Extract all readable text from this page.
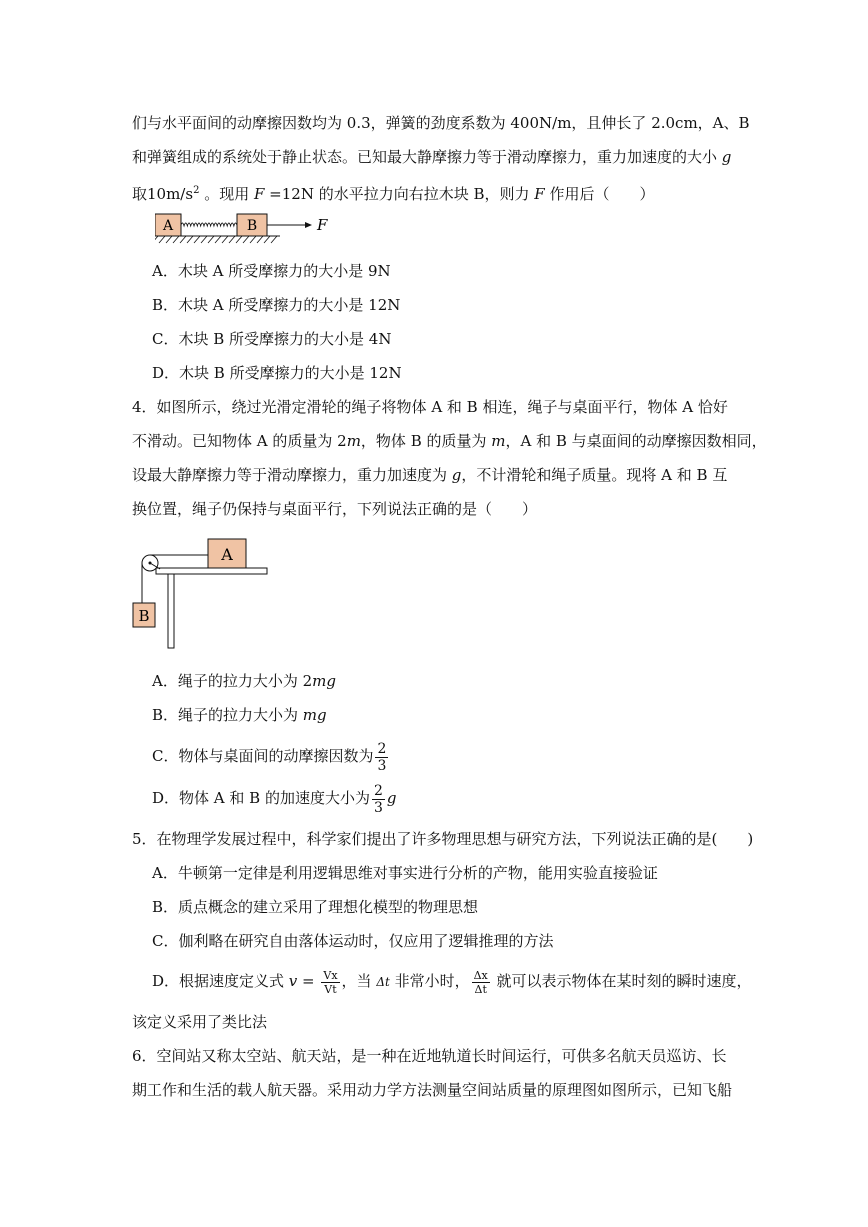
们与水平面间的动摩擦因数均为 0.3，弹簧的劲度系数为 400N/m，且伸长了 2.0cm，A、B
和弹簧组成的系统处于静止状态。已知最大静摩擦力等于滑动摩擦力，重力加速度的大小 g
取$10m/s^2$ 。现用 F =12N 的水平拉力向右拉木块 B，则力 F 作用后（　　）
A	B	F
A．木块 A 所受摩擦力的大小是 9N
B．木块 A 所受摩擦力的大小是 12N
C．木块 B 所受摩擦力的大小是 4N
D．木块 B 所受摩擦力的大小是 12N
4．如图所示，绕过光滑定滑轮的绳子将物体 A 和 B 相连，绳子与桌面平行，物体 A 恰好
不滑动。已知物体 A 的质量为 2m，物体 B 的质量为 m，A 和 B 与桌面间的动摩擦因数相同，
设最大静摩擦力等于滑动摩擦力，重力加速度为 g，不计滑轮和绳子质量。现将 A 和 B 互
换位置，绳子仍保持与桌面平行，下列说法正确的是（　　）
A
B
A．绳子的拉力大小为 2mg
B．绳子的拉力大小为 mg
C．物体与桌面间的动摩擦因数为 $\frac{2}{3}$
D．物体 A 和 B 的加速度大小为 $\frac{2}{3}$ g
5．在物理学发展过程中，科学家们提出了许多物理思想与研究方法，下列说法正确的是(　　)
A．牛顿第一定律是利用逻辑思维对事实进行分析的产物，能用实验直接验证
B．质点概念的建立采用了理想化模型的物理思想
C．伽利略在研究自由落体运动时，仅应用了逻辑推理的方法
D．根据速度定义式 $v = \frac{Vx}{Vt}$ ，当 Δt 非常小时， $\frac{\Delta x}{\Delta t}$ 就可以表示物体在某时刻的瞬时速度，
该定义采用了类比法
6．空间站又称太空站、航天站，是一种在近地轨道长时间运行，可供多名航天员巡访、长
期工作和生活的载人航天器。采用动力学方法测量空间站质量的原理图如图所示，已知飞船
